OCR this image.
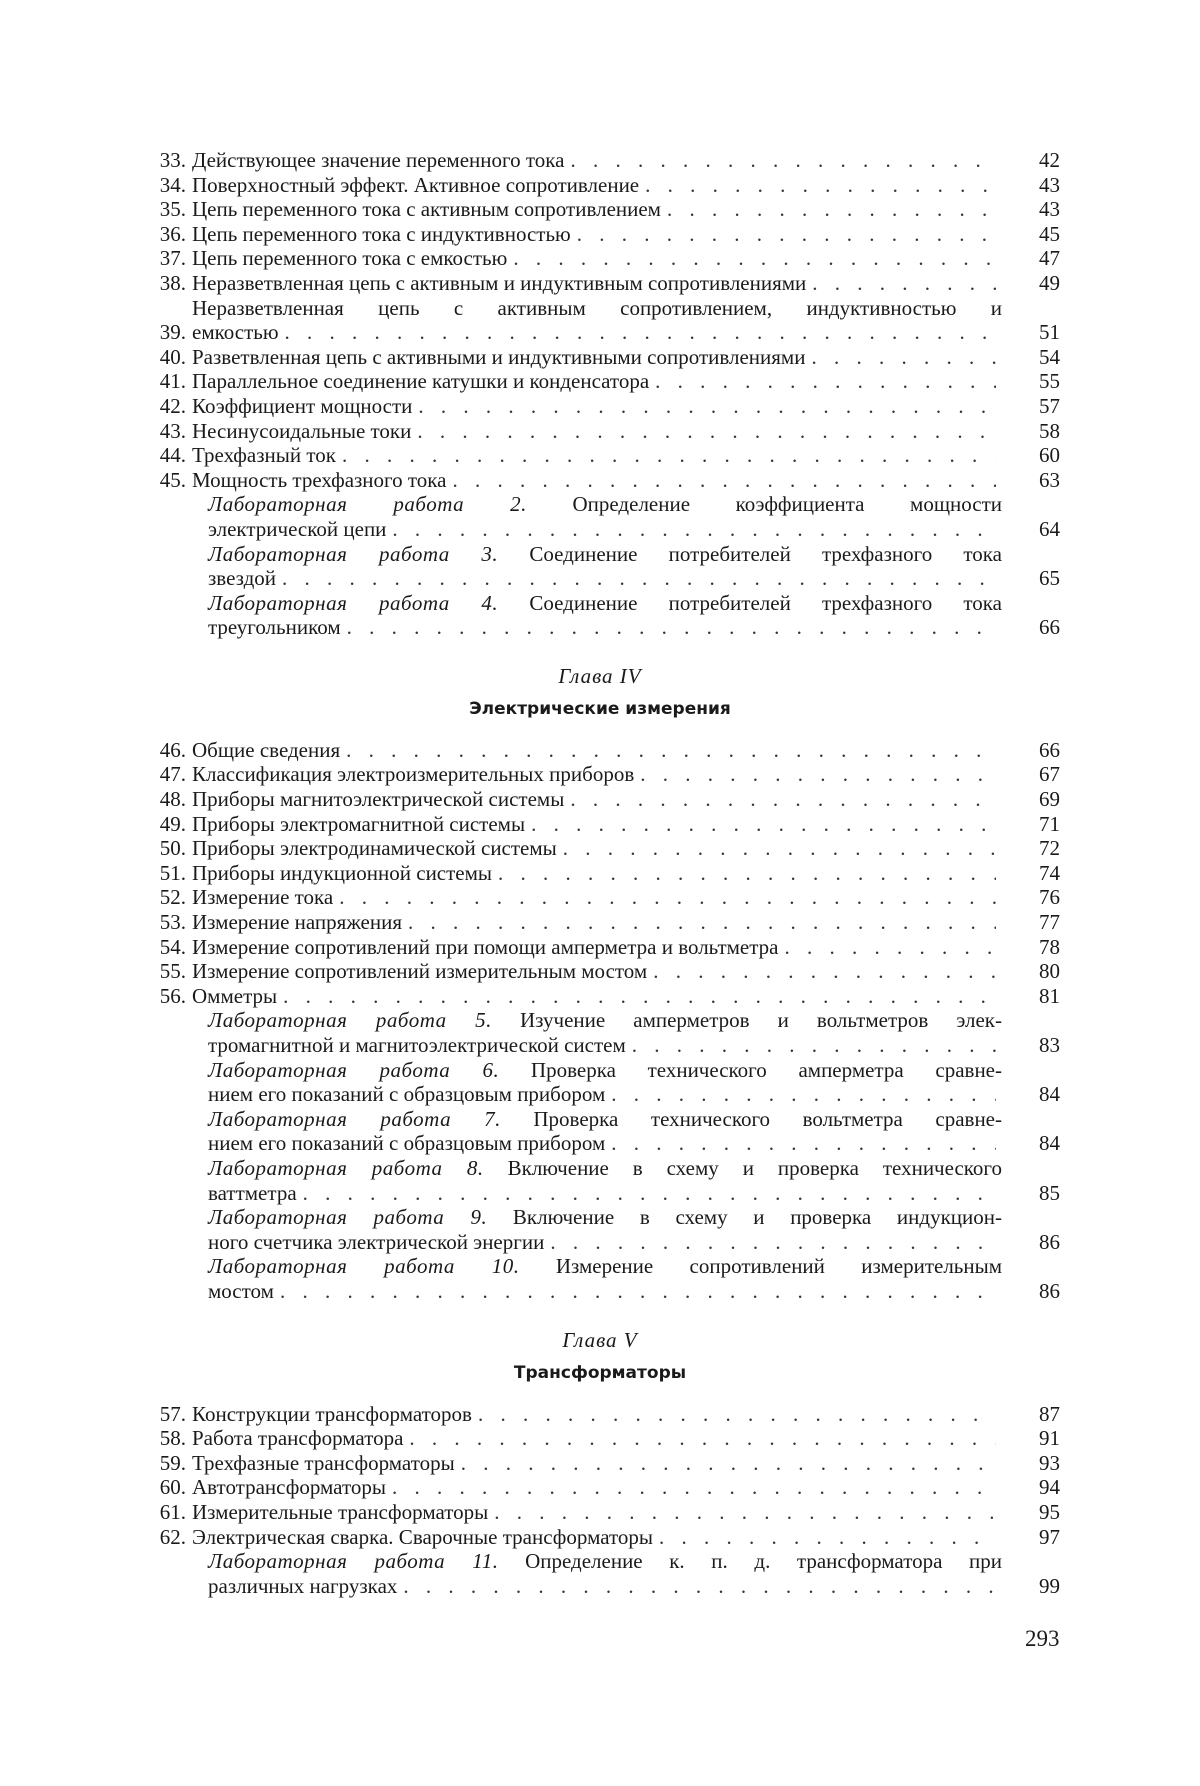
33. Действующее значение переменного тока . . .	42
34. Поверхностный эффект. Активное сопротивление . . .	43
35. Цепь переменного тока с активным сопротивлением . . .	43
36. Цепь переменного тока с индуктивностью . . .	45
37. Цепь переменного тока с емкостью . . .	47
38. Неразветвленная цепь с активным и индуктивным сопротивлениями . . .	49
39.
Неразветвленная цепь с активным сопротивлением, индуктивностью и
емкостью . . .	51
40. Разветвленная цепь с активными и индуктивными сопротивлениями . . .	54
41. Параллельное соединение катушки и конденсатора . . .	55
42. Коэффициент мощности . . .	57
43. Несинусоидальные токи . . .	58
44. Трехфазный ток . . .	60
45. Мощность трехфазного тока . . .	63
Лабораторная работа 2. Определение коэффициента мощности
электрической цепи . . .	64
Лабораторная работа 3. Соединение потребителей трехфазного тока
звездой . . .	65
Лабораторная работа 4. Соединение потребителей трехфазного тока
треугольником . . .	66
Глава IV
Электрические измерения
46. Общие сведения . . .	66
47. Классификация электроизмерительных приборов . . .	67
48. Приборы магнитоэлектрической системы . . .	69
49. Приборы электромагнитной системы . . .	71
50. Приборы электродинамической системы . . .	72
51. Приборы индукционной системы . . .	74
52. Измерение тока . . .	76
53. Измерение напряжения . . .	77
54. Измерение сопротивлений при помощи амперметра и вольтметра . . .	78
55. Измерение сопротивлений измерительным мостом . . .	80
56. Омметры . . .	81
Лабораторная работа 5. Изучение амперметров и вольтметров элек-
тромагнитной и магнитоэлектрической систем . . .	83
Лабораторная работа 6. Проверка технического амперметра сравне-
нием его показаний с образцовым прибором . . .	84
Лабораторная работа 7. Проверка технического вольтметра сравне-
нием его показаний с образцовым прибором . . .	84
Лабораторная работа 8. Включение в схему и проверка технического
ваттметра . . .	85
Лабораторная работа 9. Включение в схему и проверка индукцион-
ного счетчика электрической энергии . . .	86
Лабораторная работа 10. Измерение сопротивлений измерительным
мостом . . .	86
Глава V
Трансформаторы
57. Конструкции трансформаторов . . .	87
58. Работа трансформатора . . .	91
59. Трехфазные трансформаторы . . .	93
60. Автотрансформаторы . . .	94
61. Измерительные трансформаторы . . .	95
62. Электрическая сварка. Сварочные трансформаторы . . .	97
Лабораторная работа 11. Определение к. п. д. трансформатора при
различных нагрузках . . .	99
293
